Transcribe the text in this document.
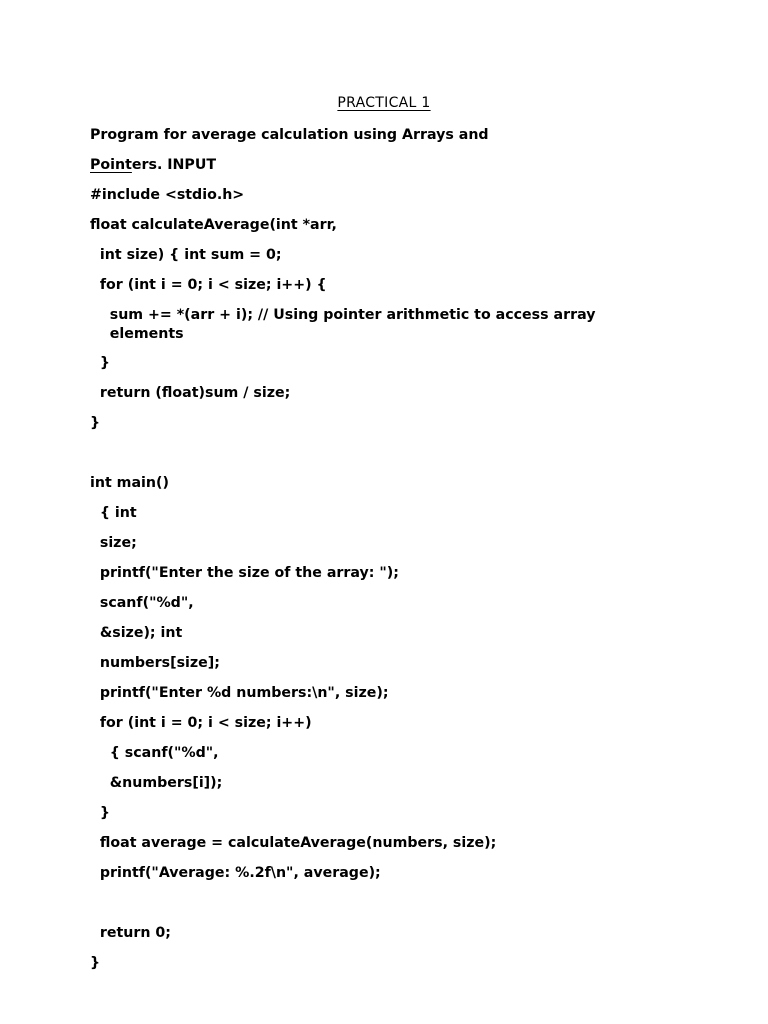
PRACTICAL 1
Program for average calculation using Arrays and
Pointers. INPUT
#include <stdio.h>
float calculateAverage(int *arr,
int size) { int sum = 0;
for (int i = 0; i < size; i++) {
sum += *(arr + i); // Using pointer arithmetic to access array
elements
}
return (float)sum / size;
}
int main()
{ int
size;
printf("Enter the size of the array: ");
scanf("%d",
&size); int
numbers[size];
printf("Enter %d numbers:\n", size);
for (int i = 0; i < size; i++)
{ scanf("%d",
&numbers[i]);
}
float average = calculateAverage(numbers, size);
printf("Average: %.2f\n", average);
return 0;
}
